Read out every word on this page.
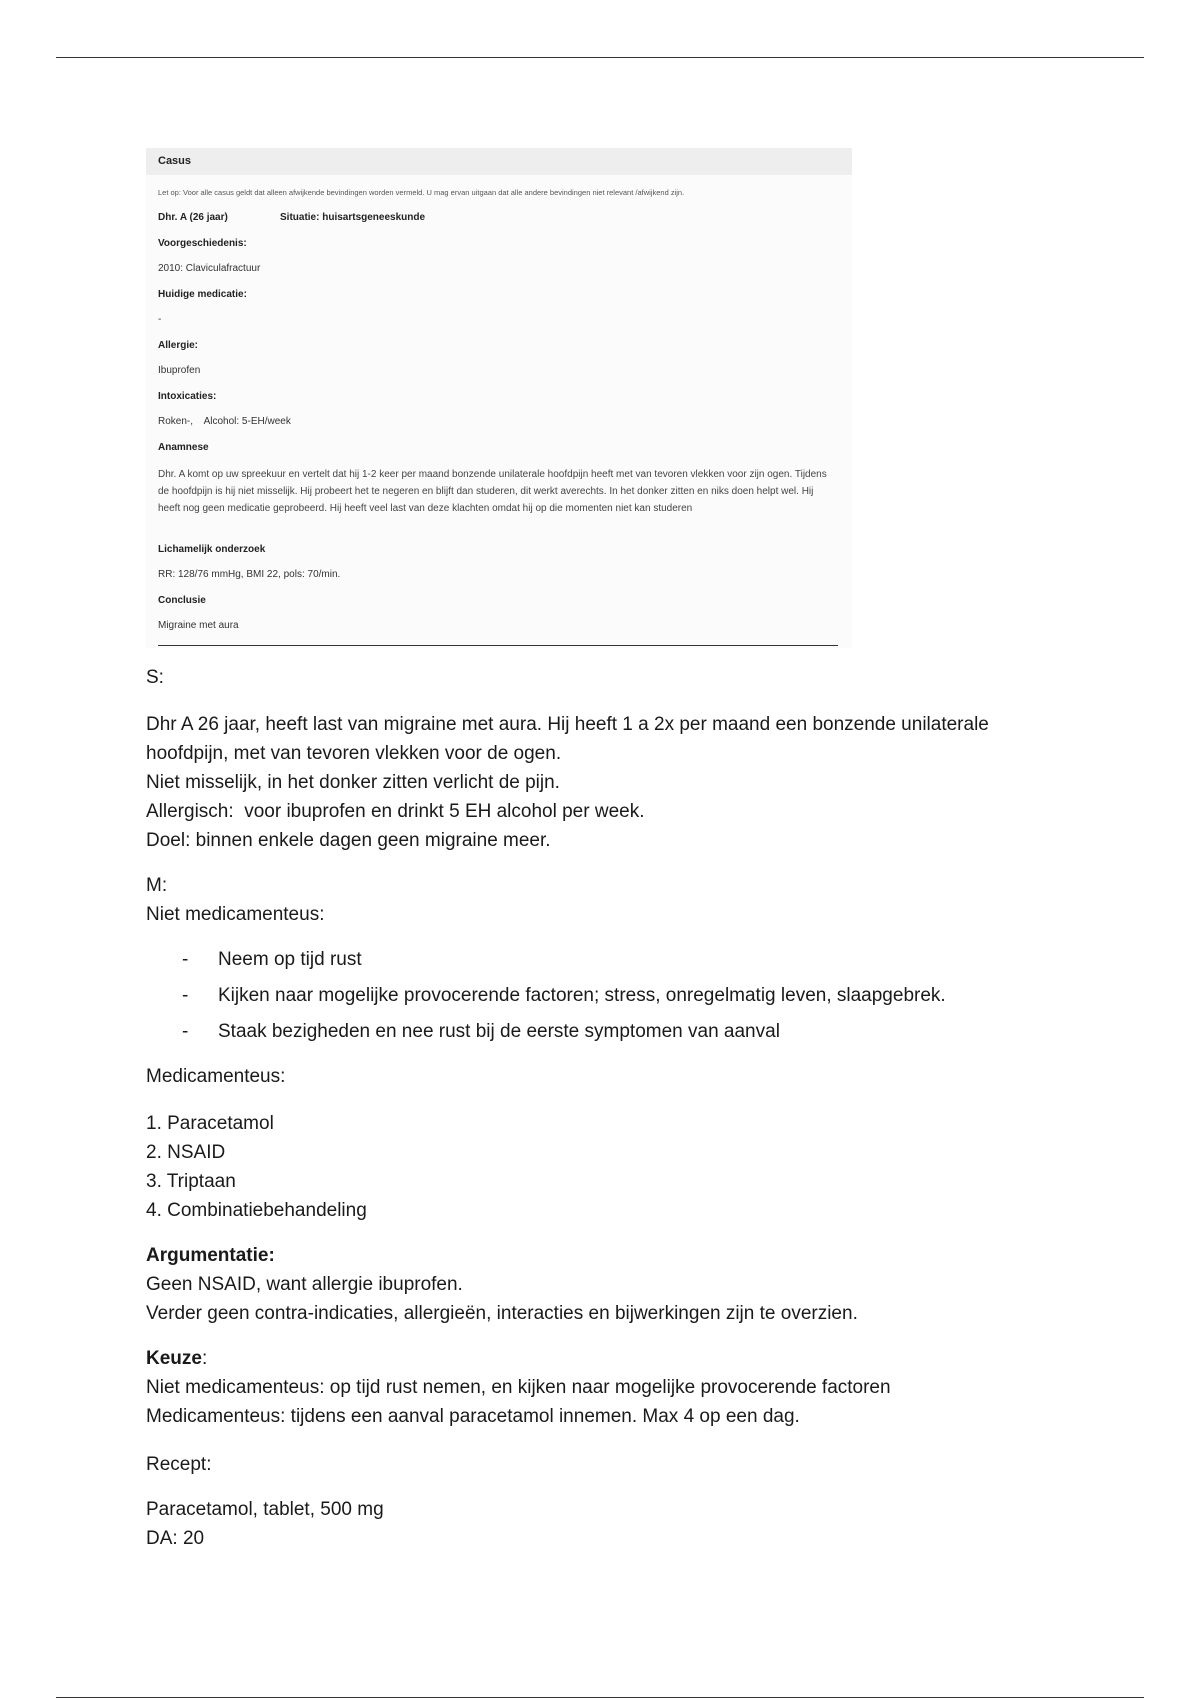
Casus
Let op: Voor alle casus geldt dat alleen afwijkende bevindingen worden vermeld. U mag ervan uitgaan dat alle andere bevindingen niet relevant /afwijkend zijn.
Dhr. A (26 jaar)	Situatie: huisartsgeneeskunde
Voorgeschiedenis:
2010: Claviculafractuur
Huidige medicatie:
-
Allergie:
Ibuprofen
Intoxicaties:
Roken-,    Alcohol: 5-EH/week
Anamnese
Dhr. A komt op uw spreekuur en vertelt dat hij 1-2 keer per maand bonzende unilaterale hoofdpijn heeft met van tevoren vlekken voor zijn ogen. Tijdens de hoofdpijn is hij niet misselijk. Hij probeert het te negeren en blijft dan studeren, dit werkt averechts. In het donker zitten en niks doen helpt wel. Hij heeft nog geen medicatie geprobeerd. Hij heeft veel last van deze klachten omdat hij op die momenten niet kan studeren
Lichamelijk onderzoek
RR: 128/76 mmHg, BMI 22, pols: 70/min.
Conclusie
Migraine met aura
S:

Dhr A 26 jaar, heeft last van migraine met aura. Hij heeft 1 a 2x per maand een bonzende unilaterale

hoofdpijn, met van tevoren vlekken voor de ogen.

Niet misselijk, in het donker zitten verlicht de pijn.

Allergisch:  voor ibuprofen en drinkt 5 EH alcohol per week.

Doel: binnen enkele dagen geen migraine meer.

M:
Niet medicamenteus:
- Neem op tijd rust
- Kijken naar mogelijke provocerende factoren; stress, onregelmatig leven, slaapgebrek.
- Staak bezigheden en nee rust bij de eerste symptomen van aanval
Medicamenteus:

1. Paracetamol

2. NSAID

3. Triptaan

4. Combinatiebehandeling

Argumentatie:

Geen NSAID, want allergie ibuprofen.

Verder geen contra-indicaties, allergieën, interacties en bijwerkingen zijn te overzien.

Keuze:

Niet medicamenteus: op tijd rust nemen, en kijken naar mogelijke provocerende factoren

Medicamenteus: tijdens een aanval paracetamol innemen. Max 4 op een dag.

Recept:

Paracetamol, tablet, 500 mg

DA: 20
